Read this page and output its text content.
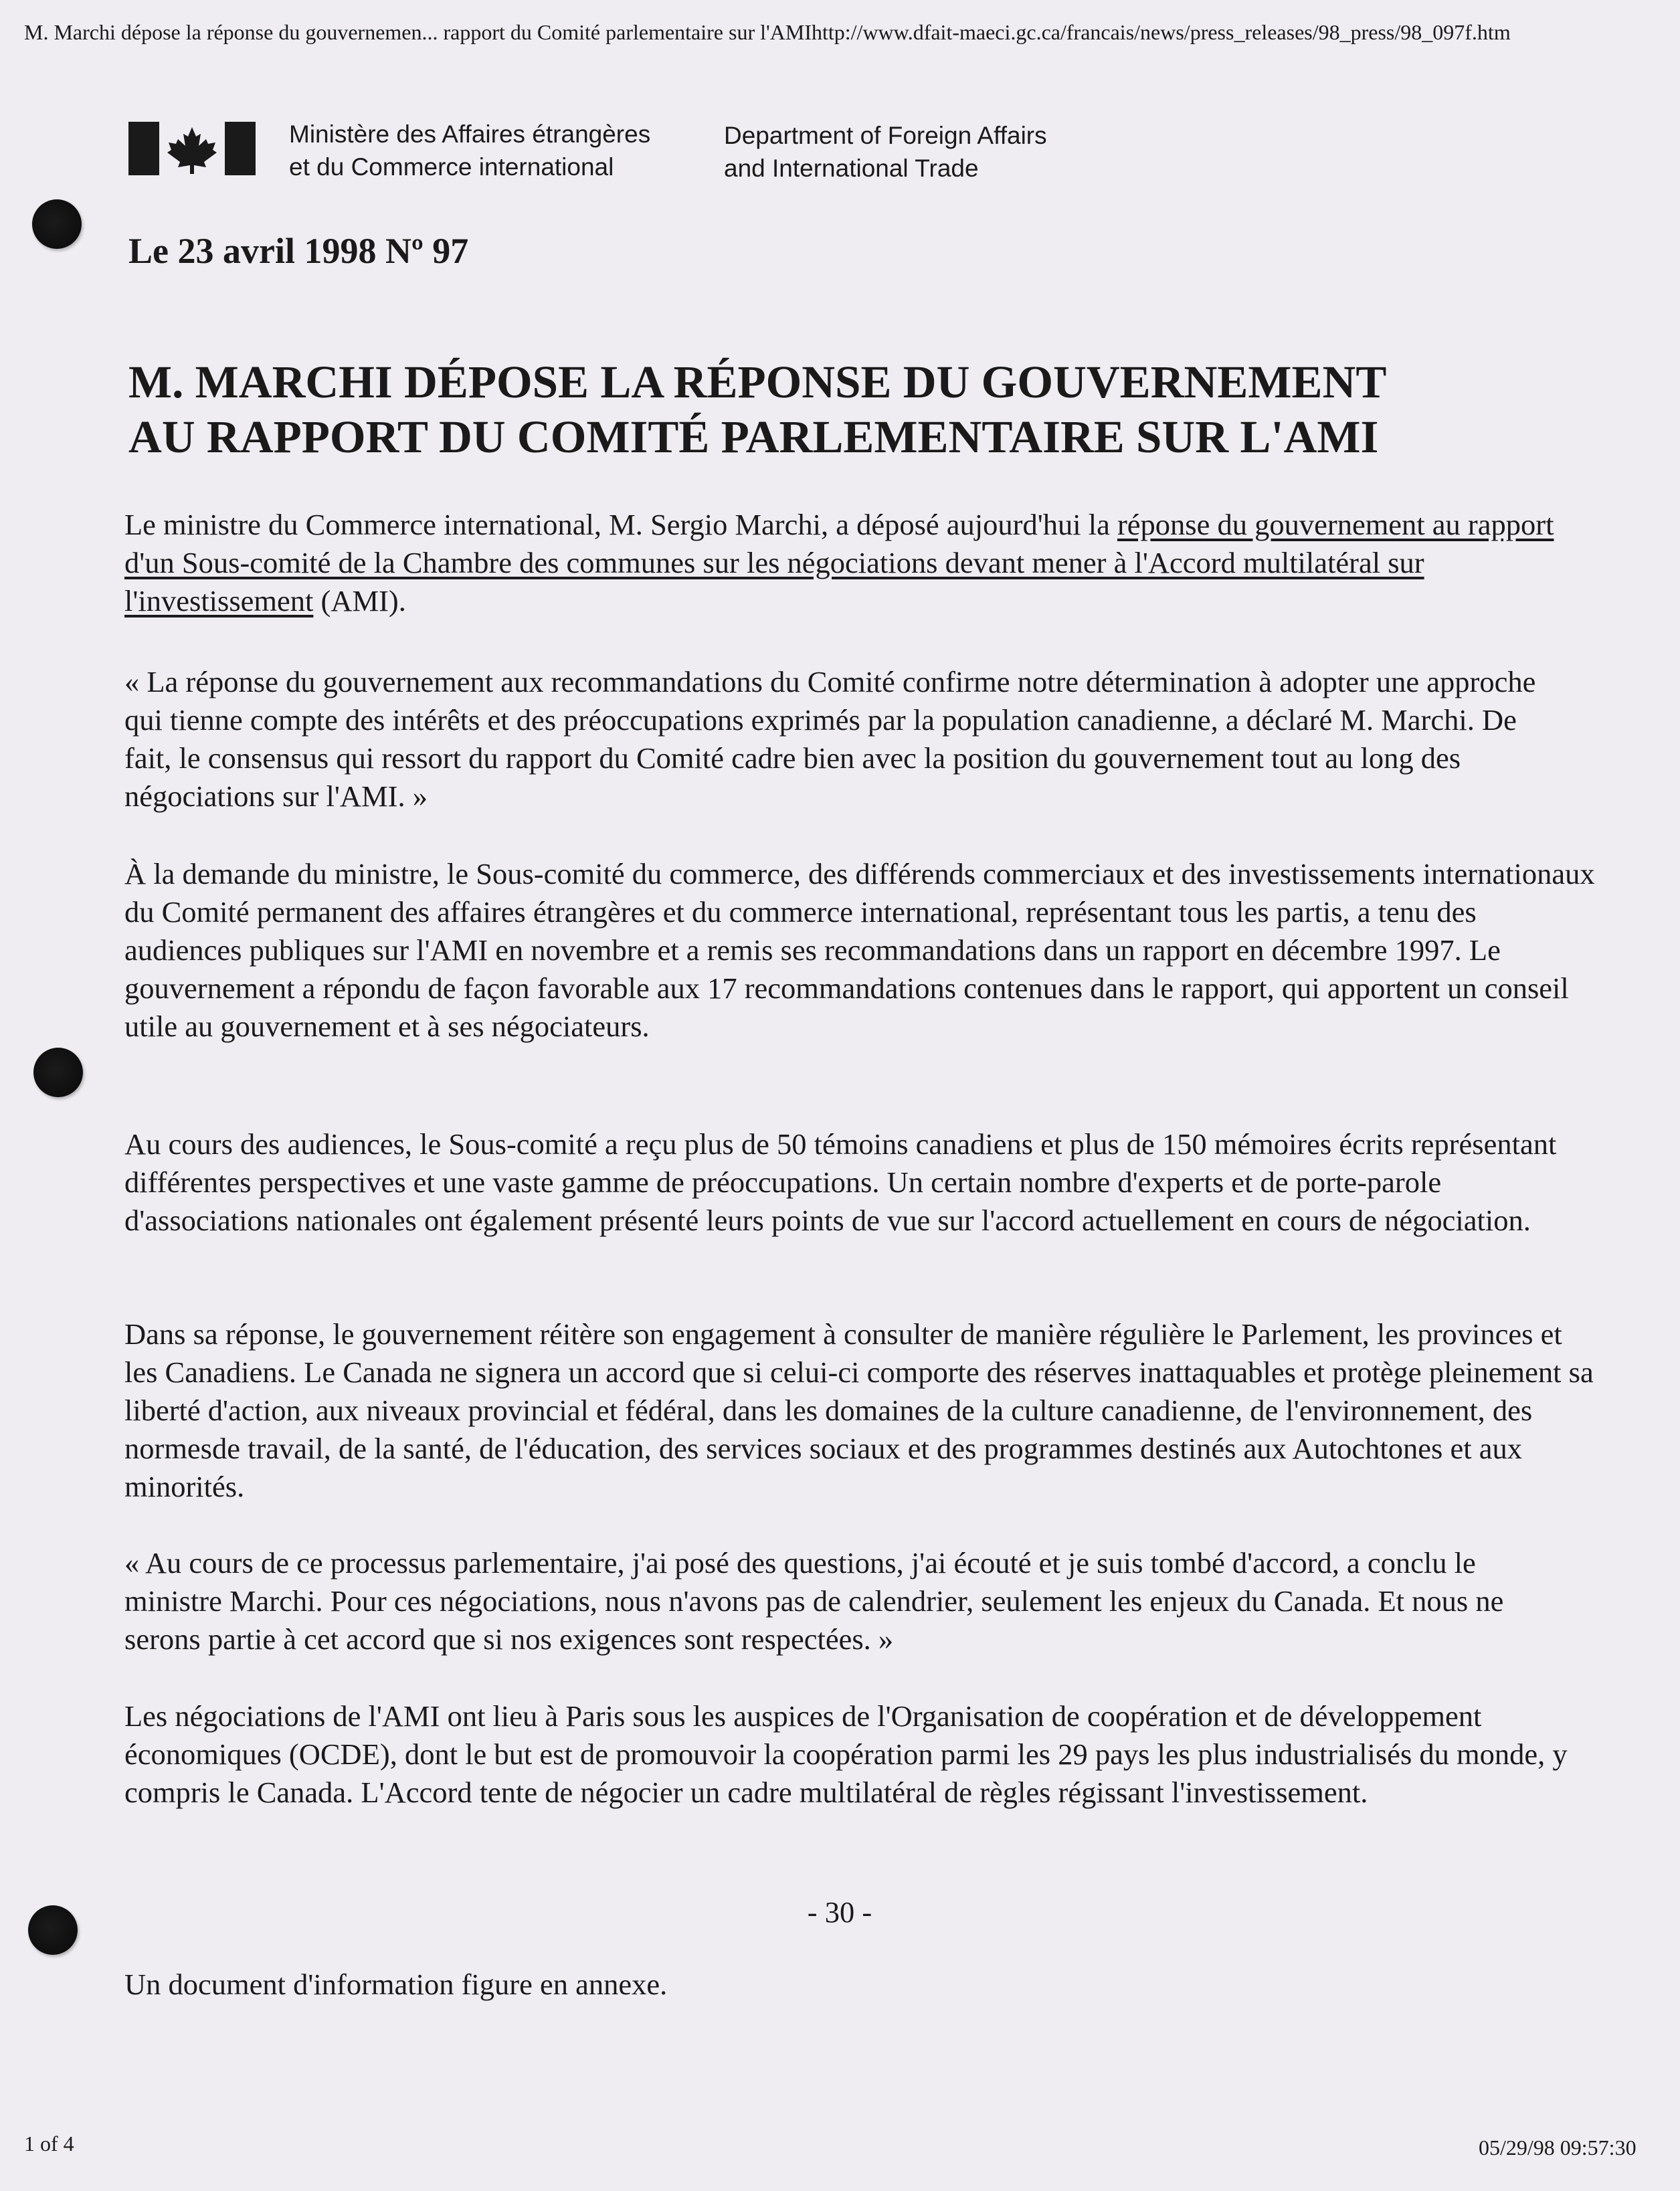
M. Marchi dépose la réponse du gouvernemen... rapport du Comité parlementaire sur l'AMIhttp://www.dfait-maeci.gc.ca/francais/news/press_releases/98_press/98_097f.htm
Ministère des Affaires étrangères
et du Commerce international
Department of Foreign Affairs
and International Trade
Le 23 avril 1998 Nº 97
M. MARCHI DÉPOSE LA RÉPONSE DU GOUVERNEMENT
AU RAPPORT DU COMITÉ PARLEMENTAIRE SUR L'AMI

Le ministre du Commerce international, M. Sergio Marchi, a déposé aujourd'hui la réponse du gouvernement au rapport d'un Sous-comité de la Chambre des communes sur les négociations devant mener à l'Accord multilatéral sur l'investissement (AMI).

« La réponse du gouvernement aux recommandations du Comité confirme notre détermination à adopter une approche qui tienne compte des intérêts et des préoccupations exprimés par la population canadienne, a déclaré M. Marchi. De fait, le consensus qui ressort du rapport du Comité cadre bien avec la position du gouvernement tout au long des négociations sur l'AMI. »

À la demande du ministre, le Sous-comité du commerce, des différends commerciaux et des investissements internationaux du Comité permanent des affaires étrangères et du commerce international, représentant tous les partis, a tenu des audiences publiques sur l'AMI en novembre et a remis ses recommandations dans un rapport en décembre 1997. Le gouvernement a répondu de façon favorable aux 17 recommandations contenues dans le rapport, qui apportent un conseil utile au gouvernement et à ses négociateurs.

Au cours des audiences, le Sous-comité a reçu plus de 50 témoins canadiens et plus de 150 mémoires écrits représentant différentes perspectives et une vaste gamme de préoccupations. Un certain nombre d'experts et de porte-parole d'associations nationales ont également présenté leurs points de vue sur l'accord actuellement en cours de négociation.

Dans sa réponse, le gouvernement réitère son engagement à consulter de manière régulière le Parlement, les provinces et les Canadiens. Le Canada ne signera un accord que si celui-ci comporte des réserves inattaquables et protège pleinement sa liberté d'action, aux niveaux provincial et fédéral, dans les domaines de la culture canadienne, de l'environnement, des normesde travail, de la santé, de l'éducation, des services sociaux et des programmes destinés aux Autochtones et aux minorités.

« Au cours de ce processus parlementaire, j'ai posé des questions, j'ai écouté et je suis tombé d'accord, a conclu le ministre Marchi. Pour ces négociations, nous n'avons pas de calendrier, seulement les enjeux du Canada. Et nous ne serons partie à cet accord que si nos exigences sont respectées. »

Les négociations de l'AMI ont lieu à Paris sous les auspices de l'Organisation de coopération et de développement économiques (OCDE), dont le but est de promouvoir la coopération parmi les 29 pays les plus industrialisés du monde, y compris le Canada. L'Accord tente de négocier un cadre multilatéral de règles régissant l'investissement.

- 30 -
Un document d'information figure en annexe.
1 of 4	05/29/98 09:57:30
